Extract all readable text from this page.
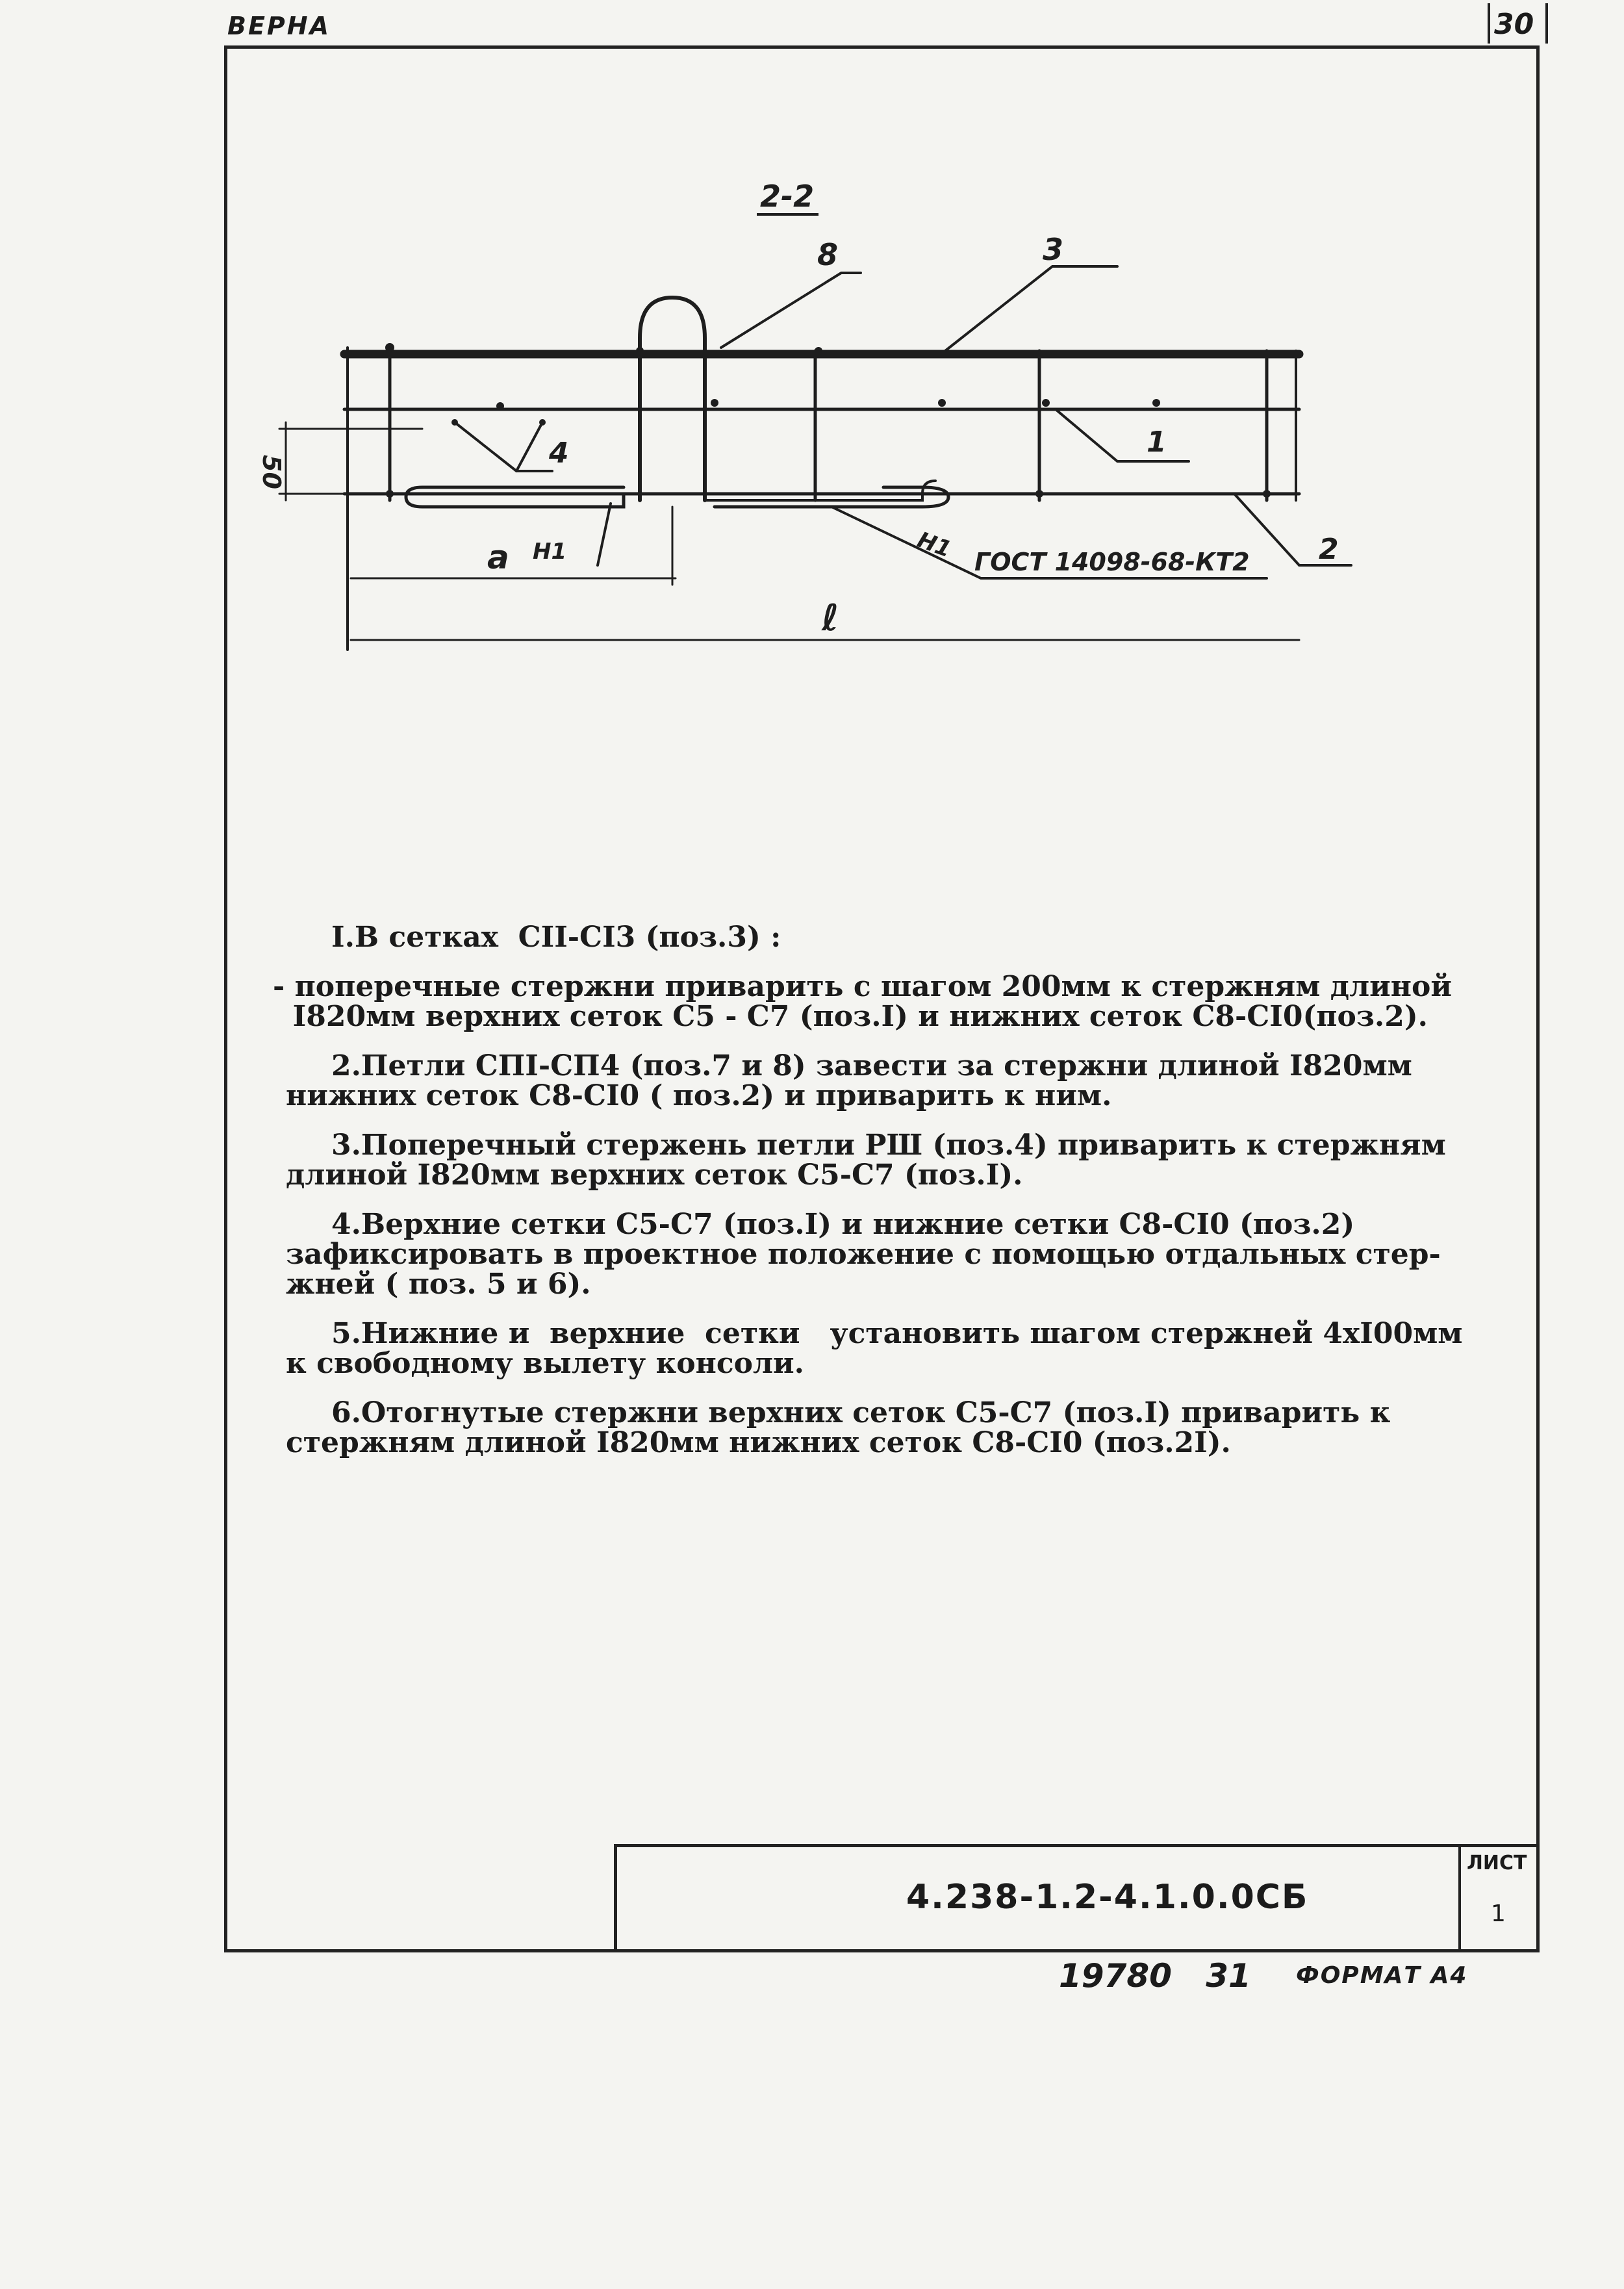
ВЕРНА	30
2-2
8	3
4	1
2
50
a
ℓ
Н1	Н1 ГОСТ 14098-68-КТ2
I.В сетках  СII-СI3 (поз.3) :
- поперечные стержни приварить с шагом 200мм к стержням длиной
I820мм верхних сеток С5 - С7 (поз.I) и нижних сеток С8-СI0(поз.2).
2.Петли СПI-СП4 (поз.7 и 8) завести за стержни длиной I820мм
нижних сеток С8-СI0 ( поз.2) и приварить к ним.
3.Поперечный стержень петли РШ (поз.4) приварить к стержням
длиной I820мм верхних сеток С5-С7 (поз.I).
4.Верхние сетки С5-С7 (поз.I) и нижние сетки С8-СI0 (поз.2)
зафиксировать в проектное положение с помощью отдальных стер-
жней ( поз. 5 и 6).
5.Нижние и  верхние  сетки   установить шагом стержней 4хI00мм
к свободному вылету консоли.
6.Отогнутые стержни верхних сеток С5-С7 (поз.I) приварить к
стержням длиной I820мм нижних сеток С8-СI0 (поз.2I).
ЛИСТ
1
4.238-1.2-4.1.0.0СБ
19780 31 ФОРМАТ А4
